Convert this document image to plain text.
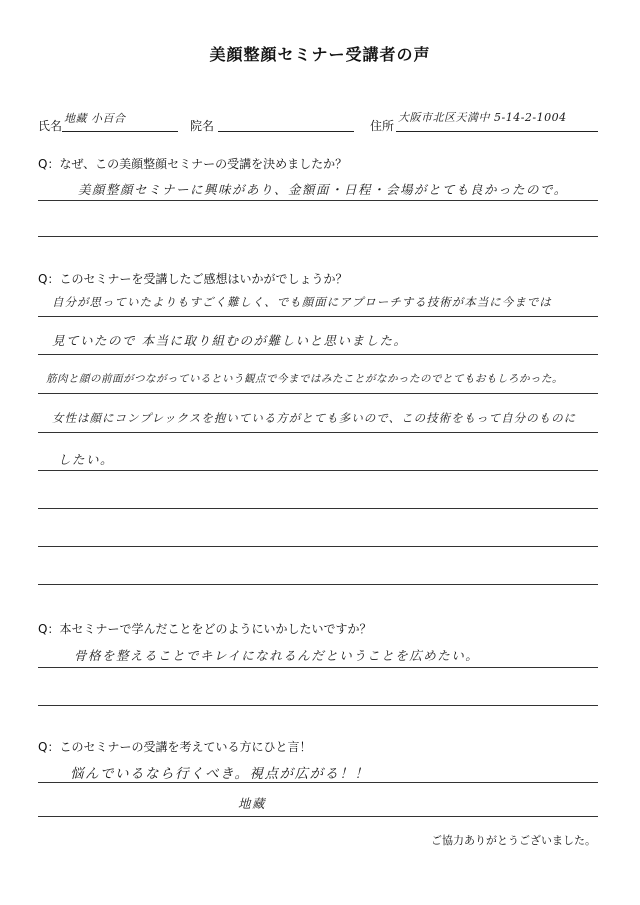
美顔整顔セミナー受講者の声
氏名
地藏 小百合
院名	住所
大阪市北区天満中 5-14-2-1004
Q：なぜ、この美顔整顔セミナーの受講を決めましたか？
美顔整顔セミナーに興味があり、金額面・日程・会場がとても良かったので。
Q：このセミナーを受講したご感想はいかがでしょうか？
自分が思っていたよりもすごく難しく、でも顔面にアプローチする技術が本当に今までは
見ていたので 本当に取り組むのが難しいと思いました。
筋肉と顔の前面がつながっているという観点で今まではみたことがなかったのでとてもおもしろかった。
女性は顔にコンプレックスを抱いている方がとても多いので、この技術をもって自分のものに
したい。
Q：本セミナーで学んだことをどのようにいかしたいですか？
骨格を整えることでキレイになれるんだということを広めたい。
Q：このセミナーの受講を考えている方にひと言！
悩んでいるなら行くべき。視点が広がる！！
地藏
ご協力ありがとうございました。
